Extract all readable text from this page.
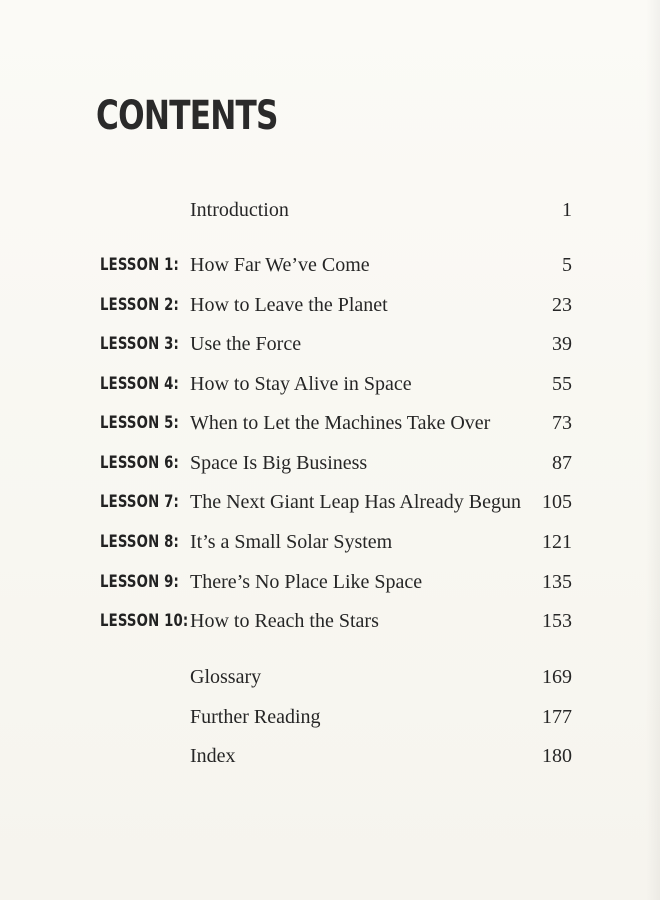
CONTENTS
Introduction	1
LESSON 1: How Far We’ve Come	5
LESSON 2: How to Leave the Planet	23
LESSON 3: Use the Force	39
LESSON 4: How to Stay Alive in Space	55
LESSON 5: When to Let the Machines Take Over	73
LESSON 6: Space Is Big Business	87
LESSON 7: The Next Giant Leap Has Already Begun 105
LESSON 8: It’s a Small Solar System	121
LESSON 9: There’s No Place Like Space	135
LESSON 10: How to Reach the Stars	153
Glossary	169
Further Reading	177
Index	180
